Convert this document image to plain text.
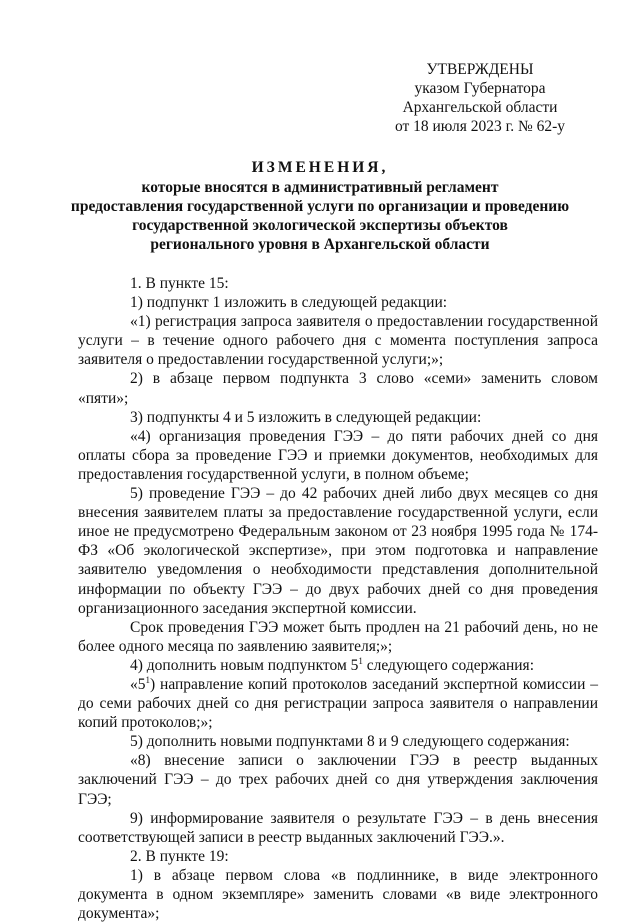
УТВЕРЖДЕНЫ
указом Губернатора
Архангельской области
от 18 июля 2023 г. № 62-у
ИЗМЕНЕНИЯ,
которые вносятся в административный регламент
предоставления государственной услуги по организации и проведению
государственной экологической экспертизы объектов
регионального уровня в Архангельской области

1. В пункте 15:

1) подпункт 1 изложить в следующей редакции:

«1) регистрация запроса заявителя о предоставлении государственной услуги – в течение одного рабочего дня с момента поступления запроса заявителя о предоставлении государственной услуги;»;

2) в абзаце первом подпункта 3 слово «семи» заменить словом «пяти»;

3) подпункты 4 и 5 изложить в следующей редакции:

«4) организация проведения ГЭЭ – до пяти рабочих дней со дня оплаты сбора за проведение ГЭЭ и приемки документов, необходимых для предоставления государственной услуги, в полном объеме;

5) проведение ГЭЭ – до 42 рабочих дней либо двух месяцев со дня внесения заявителем платы за предоставление государственной услуги, если иное не предусмотрено Федеральным законом от 23 ноября 1995 года № 174-ФЗ «Об экологической экспертизе», при этом подготовка и направление заявителю уведомления о необходимости представления дополнительной информации по объекту ГЭЭ – до двух рабочих дней со дня проведения организационного заседания экспертной комиссии.

Срок проведения ГЭЭ может быть продлен на 21 рабочий день, но не более одного месяца по заявлению заявителя;»;

4) дополнить новым подпунктом $5^1$ следующего содержания:

«$5^1$) направление копий протоколов заседаний экспертной комиссии – до семи рабочих дней со дня регистрации запроса заявителя о направлении копий протоколов;»;

5) дополнить новыми подпунктами 8 и 9 следующего содержания:

«8) внесение записи о заключении ГЭЭ в реестр выданных заключений ГЭЭ – до трех рабочих дней со дня утверждения заключения ГЭЭ;

9) информирование заявителя о результате ГЭЭ – в день внесения соответствующей записи в реестр выданных заключений ГЭЭ.».

2. В пункте 19:

1) в абзаце первом слова «в подлиннике, в виде электронного документа в одном экземпляре» заменить словами «в виде электронного документа»;
